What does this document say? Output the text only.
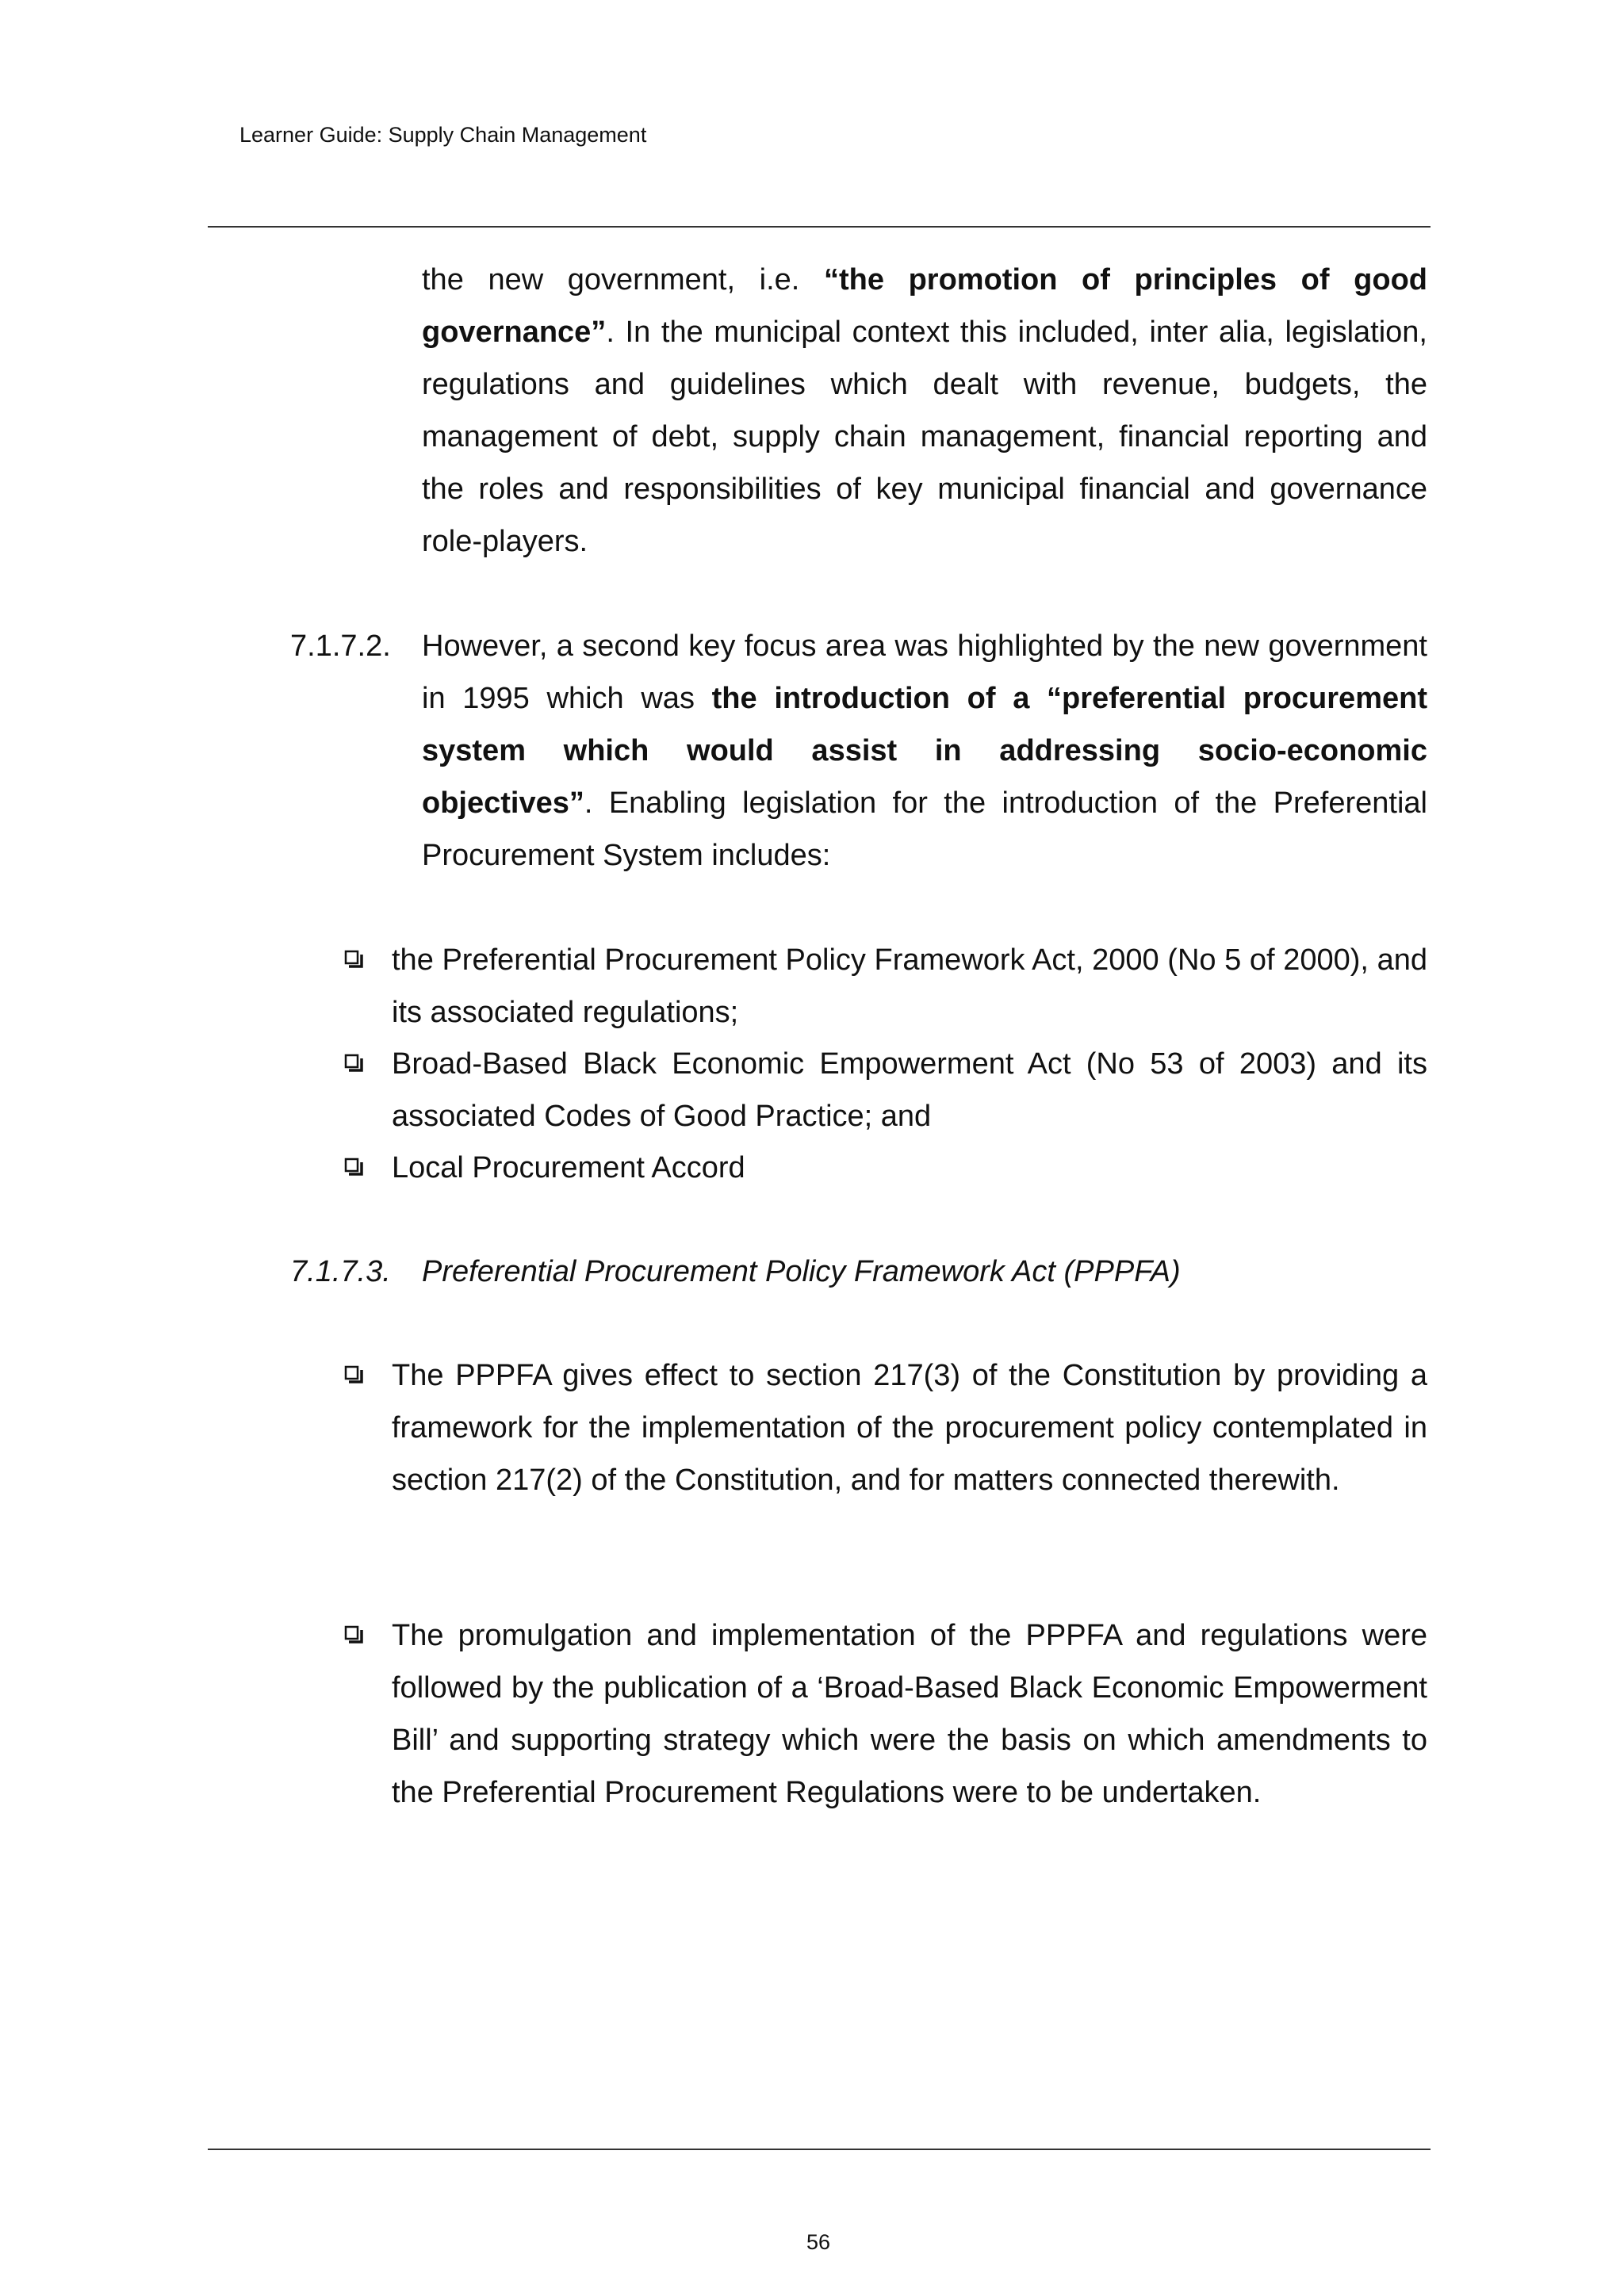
Learner Guide: Supply Chain Management
the new government, i.e. “the promotion of principles of good governance”. In the municipal context this included, inter alia, legislation, regulations and guidelines which dealt with revenue, budgets, the management of debt, supply chain management, financial reporting and the roles and responsibilities of key municipal financial and governance role-players.
7.1.7.2. However, a second key focus area was highlighted by the new government in 1995 which was the introduction of a “preferential procurement system which would assist in addressing socio-economic objectives”. Enabling legislation for the introduction of the Preferential Procurement System includes:
the Preferential Procurement Policy Framework Act, 2000 (No 5 of 2000), and its associated regulations;
Broad-Based Black Economic Empowerment Act (No 53 of 2003) and its associated Codes of Good Practice; and
Local Procurement Accord
7.1.7.3. Preferential Procurement Policy Framework Act (PPPFA)
The PPPFA gives effect to section 217(3) of the Constitution by providing a framework for the implementation of the procurement policy contemplated in section 217(2) of the Constitution, and for matters connected therewith.
The promulgation and implementation of the PPPFA and regulations were followed by the publication of a ‘Broad-Based Black Economic Empowerment Bill’ and supporting strategy which were the basis on which amendments to the Preferential Procurement Regulations were to be undertaken.
56
